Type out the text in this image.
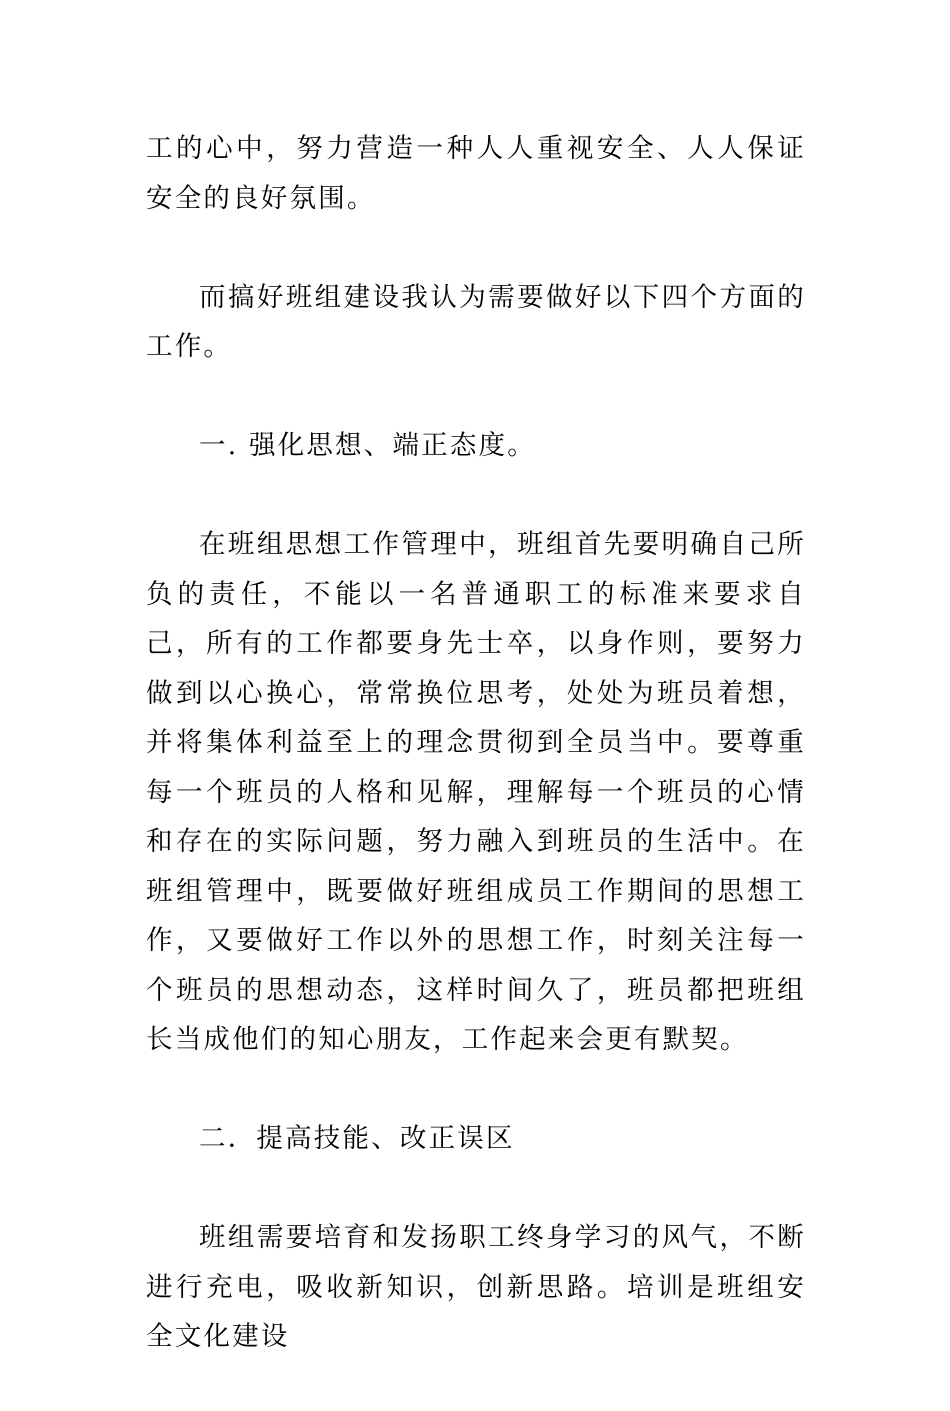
工的心中，努力营造一种人人重视安全、人人保证安全的良好氛围。

而搞好班组建设我认为需要做好以下四个方面的工作。

一. 强化思想、端正态度。

在班组思想工作管理中，班组首先要明确自己所负的责任，不能以一名普通职工的标准来要求自己，所有的工作都要身先士卒，以身作则，要努力做到以心换心，常常换位思考，处处为班员着想，并将集体利益至上的理念贯彻到全员当中。要尊重每一个班员的人格和见解，理解每一个班员的心情和存在的实际问题，努力融入到班员的生活中。在班组管理中，既要做好班组成员工作期间的思想工作，又要做好工作以外的思想工作，时刻关注每一个班员的思想动态，这样时间久了，班员都把班组长当成他们的知心朋友，工作起来会更有默契。

二．提高技能、改正误区

班组需要培育和发扬职工终身学习的风气，不断进行充电，吸收新知识，创新思路。培训是班组安全文化建设
